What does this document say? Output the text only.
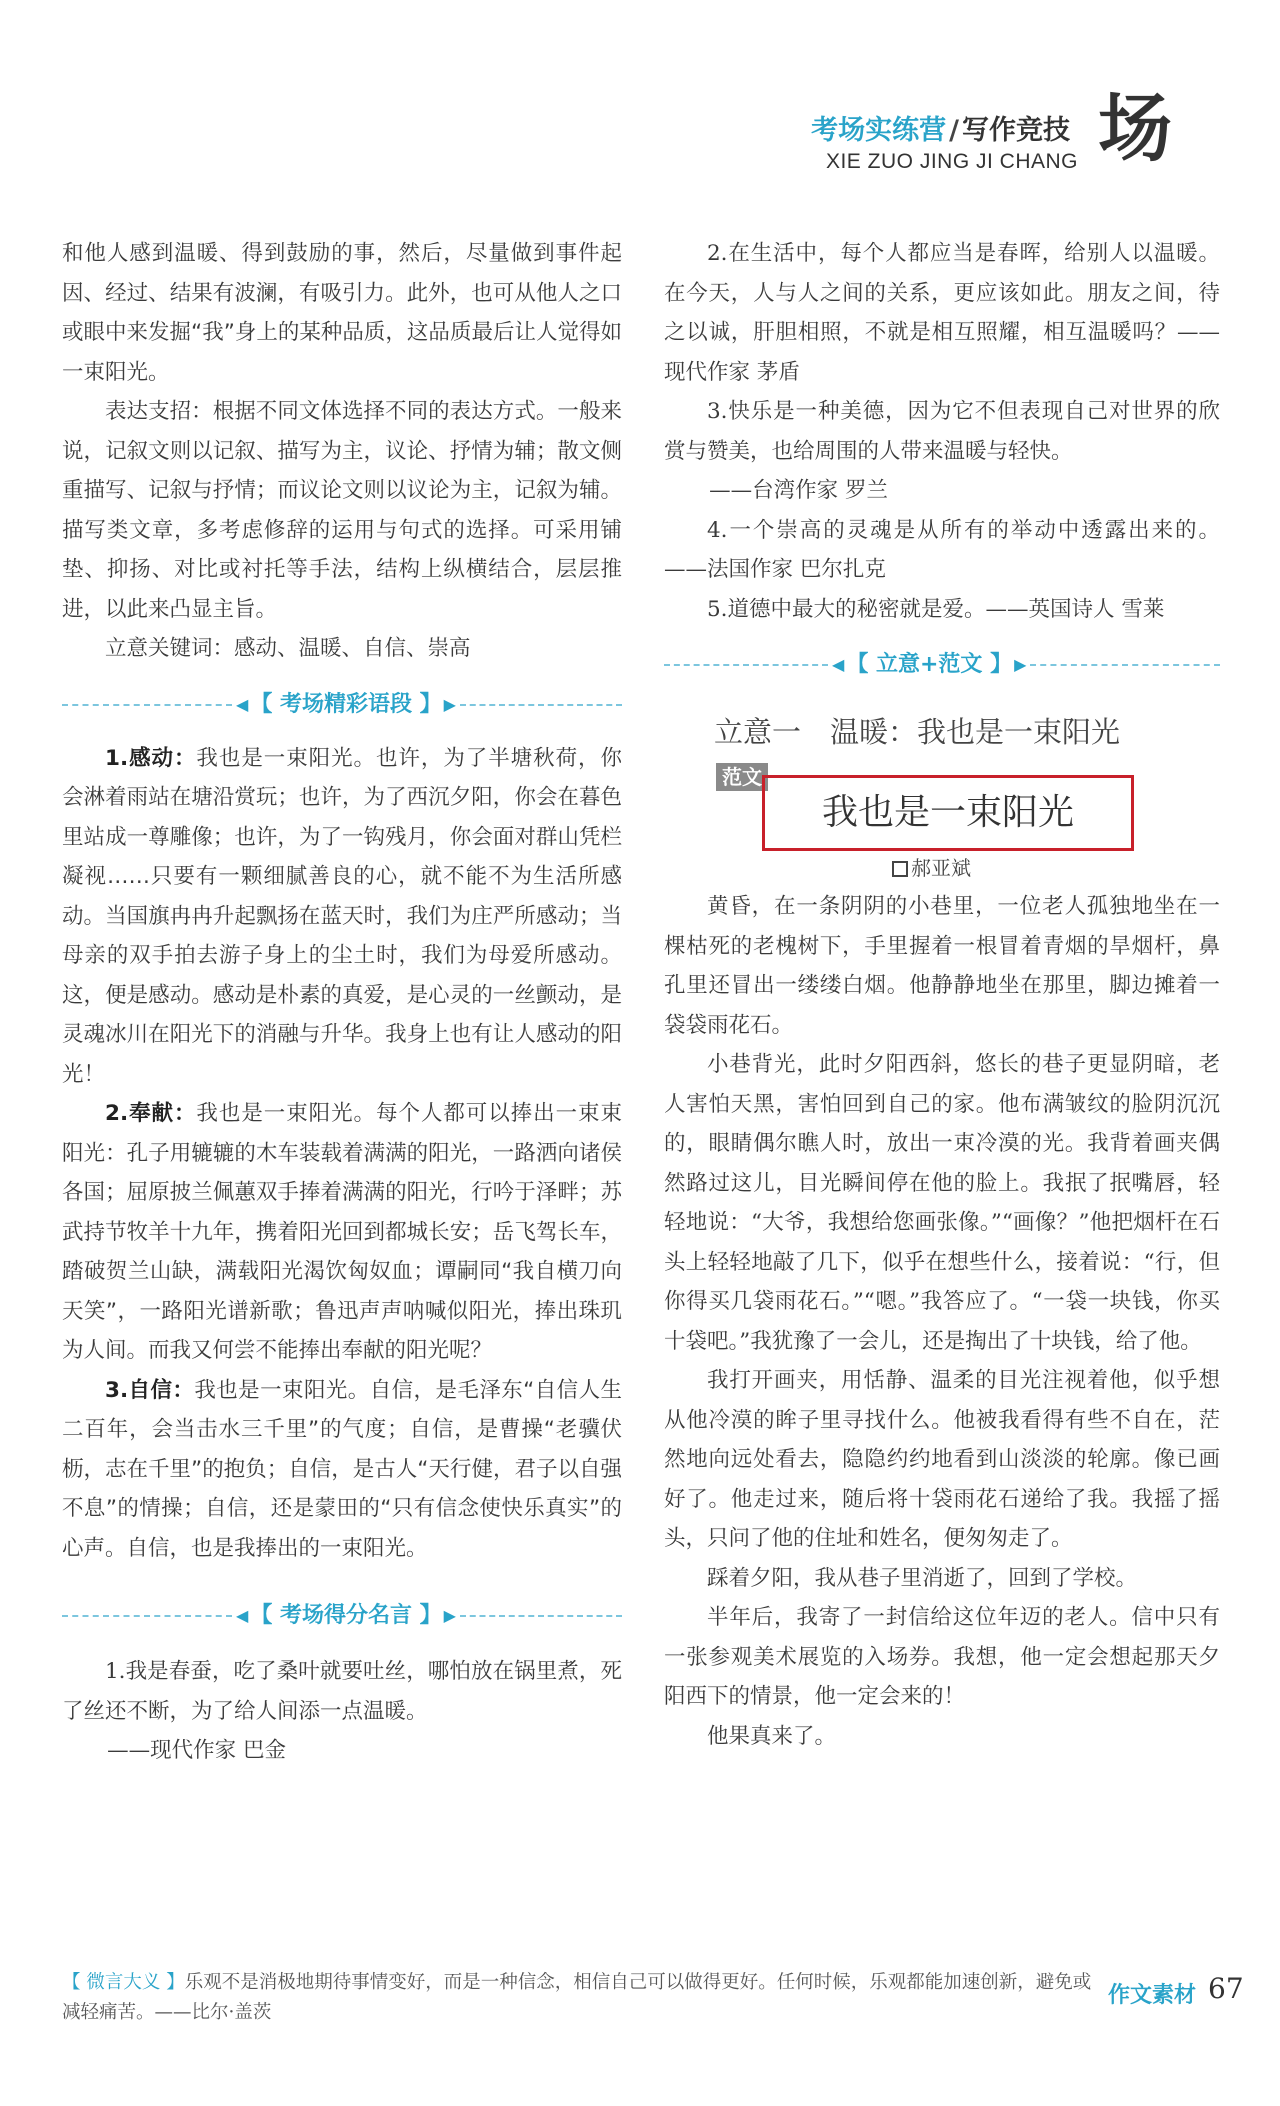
考场实练营 / 写作竞技
XIE ZUO JING JI CHANG 场

和他人感到温暖、得到鼓励的事，然后，尽量做到事件起因、经过、结果有波澜，有吸引力。此外，也可从他人之口或眼中来发掘“我”身上的某种品质，这品质最后让人觉得如一束阳光。

表达支招：根据不同文体选择不同的表达方式。一般来说，记叙文则以记叙、描写为主，议论、抒情为辅；散文侧重描写、记叙与抒情；而议论文则以议论为主，记叙为辅。描写类文章，多考虑修辞的运用与句式的选择。可采用铺垫、抑扬、对比或衬托等手法，结构上纵横结合，层层推进，以此来凸显主旨。

立意关键词：感动、温暖、自信、崇高

◀ 【 考场精彩语段 】 ▶

1.感动：我也是一束阳光。也许，为了半塘秋荷，你会淋着雨站在塘沿赏玩；也许，为了西沉夕阳，你会在暮色里站成一尊雕像；也许，为了一钩残月，你会面对群山凭栏凝视……只要有一颗细腻善良的心，就不能不为生活所感动。当国旗冉冉升起飘扬在蓝天时，我们为庄严所感动；当母亲的双手拍去游子身上的尘土时，我们为母爱所感动。这，便是感动。感动是朴素的真爱，是心灵的一丝颤动，是灵魂冰川在阳光下的消融与升华。我身上也有让人感动的阳光！

2.奉献：我也是一束阳光。每个人都可以捧出一束束阳光：孔子用辘辘的木车装载着满满的阳光，一路洒向诸侯各国；屈原披兰佩蕙双手捧着满满的阳光，行吟于泽畔；苏武持节牧羊十九年，携着阳光回到都城长安；岳飞驾长车，踏破贺兰山缺，满载阳光渴饮匈奴血；谭嗣同“我自横刀向天笑”，一路阳光谱新歌；鲁迅声声呐喊似阳光，捧出珠玑为人间。而我又何尝不能捧出奉献的阳光呢？

3.自信：我也是一束阳光。自信，是毛泽东“自信人生二百年，会当击水三千里”的气度；自信，是曹操“老骥伏枥，志在千里”的抱负；自信，是古人“天行健，君子以自强不息”的情操；自信，还是蒙田的“只有信念使快乐真实”的心声。自信，也是我捧出的一束阳光。

◀ 【 考场得分名言 】 ▶

1.我是春蚕，吃了桑叶就要吐丝，哪怕放在锅里煮，死了丝还不断，为了给人间添一点温暖。

——现代作家 巴金

2.在生活中，每个人都应当是春晖，给别人以温暖。在今天，人与人之间的关系，更应该如此。朋友之间，待之以诚，肝胆相照，不就是相互照耀，相互温暖吗？——现代作家 茅盾

3.快乐是一种美德，因为它不但表现自己对世界的欣赏与赞美，也给周围的人带来温暖与轻快。

——台湾作家 罗兰

4.一个崇高的灵魂是从所有的举动中透露出来的。——法国作家 巴尔扎克

5.道德中最大的秘密就是爱。——英国诗人 雪莱

◀ 【 立意+范文 】 ▶
立意一　温暖：我也是一束阳光
范文
我也是一束阳光
郝亚斌

黄昏，在一条阴阴的小巷里，一位老人孤独地坐在一棵枯死的老槐树下，手里握着一根冒着青烟的旱烟杆，鼻孔里还冒出一缕缕白烟。他静静地坐在那里，脚边摊着一袋袋雨花石。

小巷背光，此时夕阳西斜，悠长的巷子更显阴暗，老人害怕天黑，害怕回到自己的家。他布满皱纹的脸阴沉沉的，眼睛偶尔瞧人时，放出一束冷漠的光。我背着画夹偶然路过这儿，目光瞬间停在他的脸上。我抿了抿嘴唇，轻轻地说：“大爷，我想给您画张像。”“画像？”他把烟杆在石头上轻轻地敲了几下，似乎在想些什么，接着说：“行，但你得买几袋雨花石。”“嗯。”我答应了。“一袋一块钱，你买十袋吧。”我犹豫了一会儿，还是掏出了十块钱，给了他。

我打开画夹，用恬静、温柔的目光注视着他，似乎想从他冷漠的眸子里寻找什么。他被我看得有些不自在，茫然地向远处看去，隐隐约约地看到山淡淡的轮廓。像已画好了。他走过来，随后将十袋雨花石递给了我。我摇了摇头，只问了他的住址和姓名，便匆匆走了。

踩着夕阳，我从巷子里消逝了，回到了学校。

半年后，我寄了一封信给这位年迈的老人。信中只有一张参观美术展览的入场券。我想，他一定会想起那天夕阳西下的情景，他一定会来的！

他果真来了。

【 微言大义 】乐观不是消极地期待事情变好，而是一种信念，相信自己可以做得更好。任何时候，乐观都能加速创新，避免或减轻痛苦。——比尔·盖茨
作文素材 67
